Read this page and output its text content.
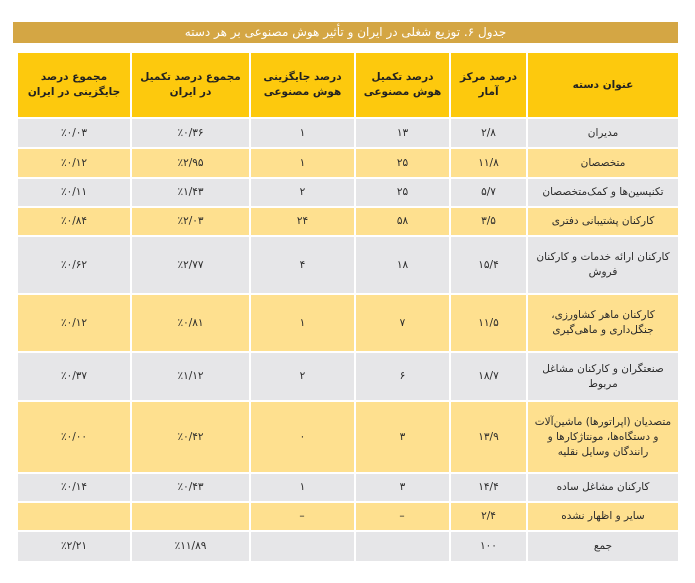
جدول ۶. توزیع شغلی در ایران و تأثیر هوش مصنوعی بر هر دسته
عنوان دسته	درصد مرکز آمار	درصد تکمیل هوش مصنوعی	درصد جایگزینی هوش مصنوعی	مجموع درصد تکمیل در ایران	مجموع درصد جایگزینی در ایران
مدیران	۲/۸	۱۳	۱	٪۰/۳۶	٪۰/۰۳
متخصصان	۱۱/۸	۲۵	۱	٪۲/۹۵	٪۰/۱۲
تکنیسین‌ها و کمک‌متخصصان	۵/۷	۲۵	۲	٪۱/۴۳	٪۰/۱۱
کارکنان پشتیبانی دفتری	۳/۵	۵۸	۲۴	٪۲/۰۳	٪۰/۸۴
کارکنان ارائه خدمات و کارکنان فروش	۱۵/۴	۱۸	۴	٪۲/۷۷	٪۰/۶۲
کارکنان ماهر کشاورزی، جنگل‌داری و ماهی‌گیری	۱۱/۵	۷	۱	٪۰/۸۱	٪۰/۱۲
صنعتگران و کارکنان مشاغل مربوط	۱۸/۷	۶	۲	٪۱/۱۲	٪۰/۳۷
متصدیان (اپراتورها) ماشین‌آلات و دستگاه‌ها، مونتاژکارها و رانندگان وسایل نقلیه	۱۳/۹	۳	۰	٪۰/۴۲	٪۰/۰۰
کارکنان مشاغل ساده	۱۴/۴	۳	۱	٪۰/۴۳	٪۰/۱۴
سایر و اظهار نشده	۲/۴	–	–		
جمع	۱۰۰			٪۱۱/۸۹	٪۲/۲۱
